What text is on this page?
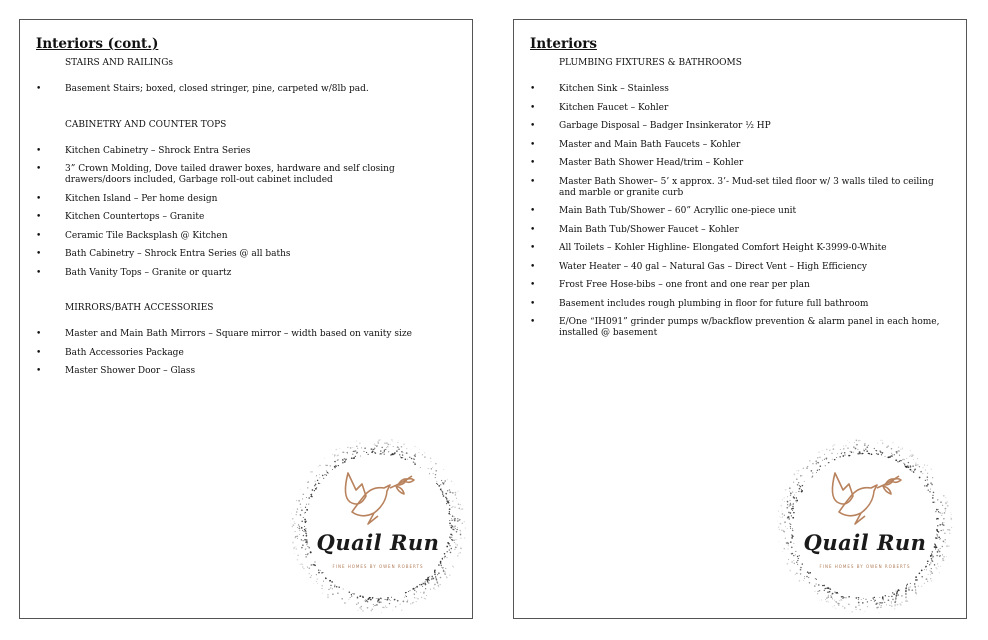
Interiors (cont.)
STAIRS AND RAILINGs
•	Basement Stairs; boxed, closed stringer, pine, carpeted w/8lb pad.
CABINETRY AND COUNTER TOPS
•	Kitchen Cabinetry – Shrock Entra Series
•	3” Crown Molding, Dove tailed drawer boxes, hardware and self closing drawers/doors included, Garbage roll-out cabinet included
•	Kitchen Island – Per home design
•	Kitchen Countertops – Granite
•	Ceramic Tile Backsplash @ Kitchen
•	Bath Cabinetry – Shrock Entra Series @ all baths
•	Bath Vanity Tops – Granite or quartz
MIRRORS/BATH ACCESSORIES
•	Master and Main Bath Mirrors – Square mirror – width based on vanity size
•	Bath Accessories Package
•	Master Shower Door – Glass
Quail Run
FINE HOMES BY OWEN ROBERTS
Interiors
PLUMBING FIXTURES & BATHROOMS
•	Kitchen Sink – Stainless
•	Kitchen Faucet – Kohler
•	Garbage Disposal – Badger Insinkerator ½ HP
•	Master and Main Bath Faucets – Kohler
•	Master Bath Shower Head/trim – Kohler
•	Master Bath Shower– 5’ x approx. 3’- Mud-set tiled floor w/ 3 walls tiled to ceiling and marble or granite curb
•	Main Bath Tub/Shower – 60” Acryllic one-piece unit
•	Main Bath Tub/Shower Faucet – Kohler
•	All Toilets – Kohler Highline- Elongated Comfort Height K-3999-0-White
•	Water Heater – 40 gal – Natural Gas – Direct Vent – High Efficiency
•	Frost Free Hose-bibs – one front and one rear per plan
•	Basement includes rough plumbing in floor for future full bathroom
•	E/One “IH091” grinder pumps w/backflow prevention & alarm panel in each home, installed @ basement
Quail Run
FINE HOMES BY OWEN ROBERTS
